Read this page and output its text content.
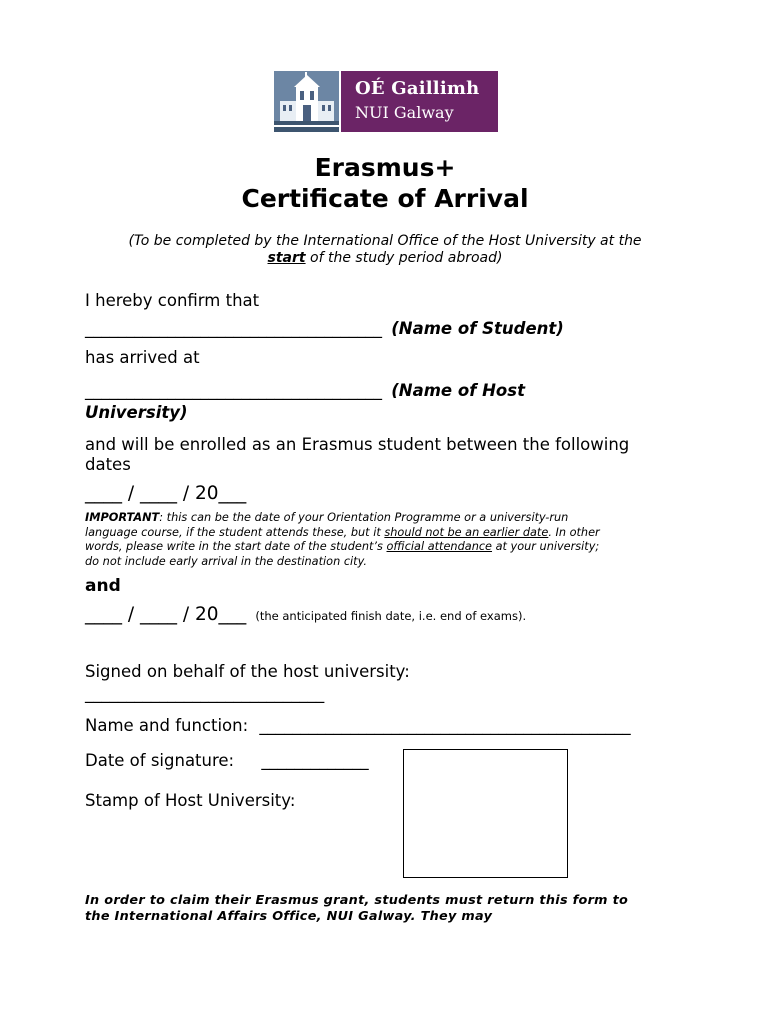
OÉ Gaillimh
NUI Galway
Erasmus+
Certificate of Arrival
(To be completed by the International Office of the Host University at the
start of the study period abroad)
I hereby confirm that
____________________________________ (Name of Student)
has arrived at
____________________________________ (Name of Host
University)
and will be enrolled as an Erasmus student between the following
dates
____ / ____ / 20___
IMPORTANT: this can be the date of your Orientation Programme or a university-run
language course, if the student attends these, but it should not be an earlier date. In other
words, please write in the start date of the student’s official attendance at your university;
do not include early arrival in the destination city.
and
____ / ____ / 20___ (the anticipated finish date, i.e. end of exams).
Signed on behalf of the host university:
_____________________________
Name and function: _____________________________________________
Date of signature: _____________
Stamp of Host University:
In order to claim their Erasmus grant, students must return this form to
the International Affairs Office, NUI Galway. They may
